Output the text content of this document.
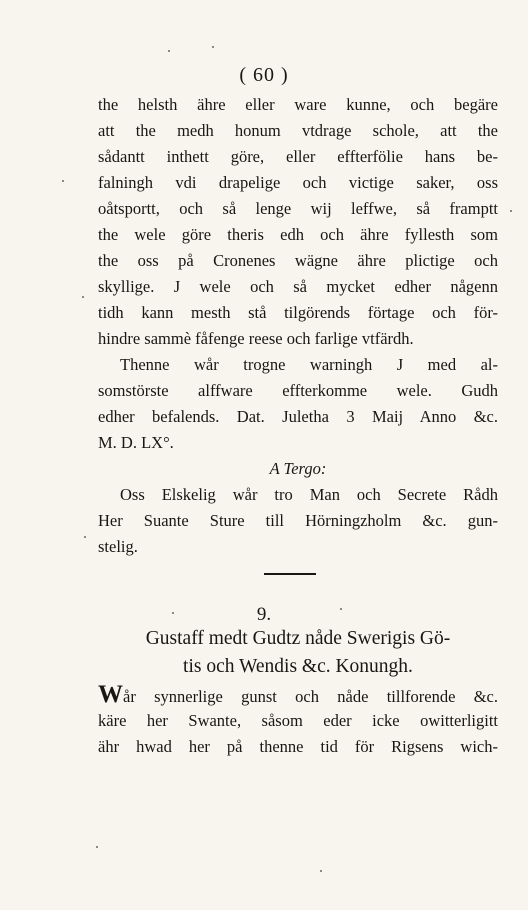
( 60 )
the helsth ähre eller ware kunne, och begäre
att the medh honum vtdrage schole, att the
sådantt inthett göre, eller effterfölie hans be-
falningh vdi drapelige och victige saker, oss
oåtsportt, och så lenge wij leffwe, så framptt
the wele göre theris edh och ähre fyllesth som
the oss på Cronenes wägne ähre plictige och
skyllige. J wele och så mycket edher någenn
tidh kann mesth stå tilgörends förtage och för-
hindre sammè fåfenge reese och farlige vtfärdh.
Thenne wår trogne warningh J med al-
somstörste alffware effterkomme wele. Gudh
edher befalends. Dat. Juletha 3 Maij Anno &c.
M. D. LX°.
A Tergo:
Oss Elskelig wår tro Man och Secrete Rådh
Her Suante Sture till Hörningzholm &c. gun-
stelig.
9.
Gustaff medt Gudtz nåde Swerigis Gö-
tis och Wendis &c. Konungh.
Wår synnerlige gunst och nåde tillforende &c.
käre her Swante, såsom eder icke owitterligitt
ähr hwad her på thenne tid för Rigsens wich-
